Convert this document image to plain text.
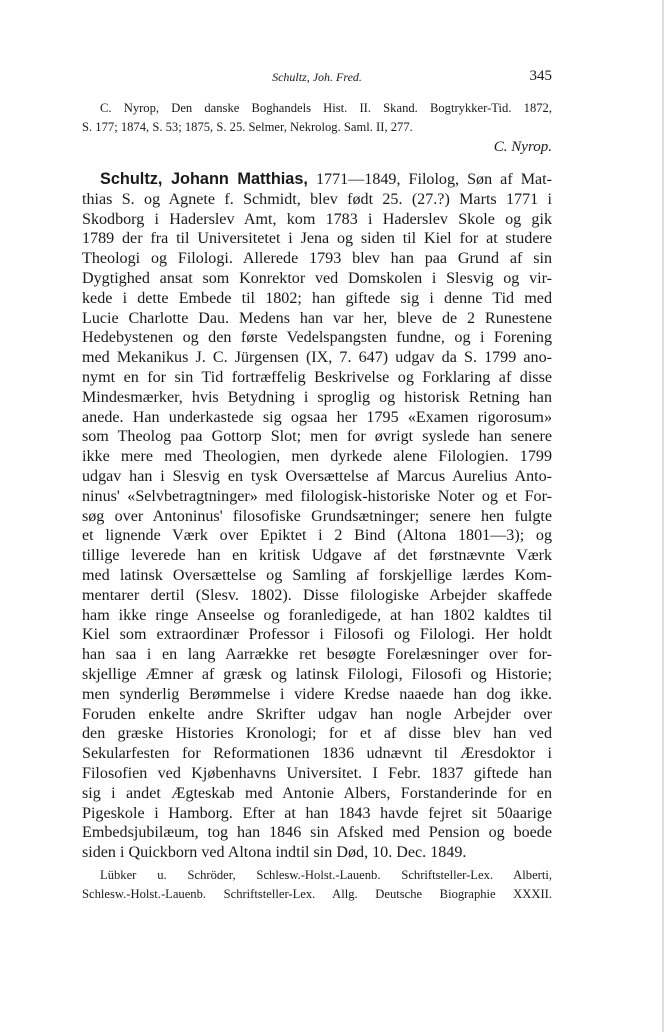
Schultz, Joh. Fred.	345
C. Nyrop, Den danske Boghandels Hist. II. Skand. Bogtrykker-Tid. 1872,
S. 177; 1874, S. 53; 1875, S. 25. Selmer, Nekrolog. Saml. II, 277.
C. Nyrop.
Schultz, Johann Matthias, 1771—1849, Filolog, Søn af Mat-
thias S. og Agnete f. Schmidt, blev født 25. (27.?) Marts 1771 i
Skodborg i Haderslev Amt, kom 1783 i Haderslev Skole og gik
1789 der fra til Universitetet i Jena og siden til Kiel for at studere
Theologi og Filologi. Allerede 1793 blev han paa Grund af sin
Dygtighed ansat som Konrektor ved Domskolen i Slesvig og vir-
kede i dette Embede til 1802; han giftede sig i denne Tid med
Lucie Charlotte Dau. Medens han var her, bleve de 2 Runestene
Hedebystenen og den første Vedelspangsten fundne, og i Forening
med Mekanikus J. C. Jürgensen (IX, 7. 647) udgav da S. 1799 ano-
nymt en for sin Tid fortræffelig Beskrivelse og Forklaring af disse
Mindesmærker, hvis Betydning i sproglig og historisk Retning han
anede. Han underkastede sig ogsaa her 1795 «Examen rigorosum»
som Theolog paa Gottorp Slot; men for øvrigt syslede han senere
ikke mere med Theologien, men dyrkede alene Filologien. 1799
udgav han i Slesvig en tysk Oversættelse af Marcus Aurelius Anto-
ninus' «Selvbetragtninger» med filologisk-historiske Noter og et For-
søg over Antoninus' filosofiske Grundsætninger; senere hen fulgte
et lignende Værk over Epiktet i 2 Bind (Altona 1801—3); og
tillige leverede han en kritisk Udgave af det førstnævnte Værk
med latinsk Oversættelse og Samling af forskjellige lærdes Kom-
mentarer dertil (Slesv. 1802). Disse filologiske Arbejder skaffede
ham ikke ringe Anseelse og foranledigede, at han 1802 kaldtes til
Kiel som extraordinær Professor i Filosofi og Filologi. Her holdt
han saa i en lang Aarrække ret besøgte Forelæsninger over for-
skjellige Æmner af græsk og latinsk Filologi, Filosofi og Historie;
men synderlig Berømmelse i videre Kredse naaede han dog ikke.
Foruden enkelte andre Skrifter udgav han nogle Arbejder over
den græske Histories Kronologi; for et af disse blev han ved
Sekularfesten for Reformationen 1836 udnævnt til Æresdoktor i
Filosofien ved Kjøbenhavns Universitet. I Febr. 1837 giftede han
sig i andet Ægteskab med Antonie Albers, Forstanderinde for en
Pigeskole i Hamborg. Efter at han 1843 havde fejret sit 50aarige
Embedsjubilæum, tog han 1846 sin Afsked med Pension og boede
siden i Quickborn ved Altona indtil sin Død, 10. Dec. 1849.
Lübker u. Schröder, Schlesw.-Holst.-Lauenb. Schriftsteller-Lex. Alberti,
Schlesw.-Holst.-Lauenb. Schriftsteller-Lex. Allg. Deutsche Biographie XXXII.
